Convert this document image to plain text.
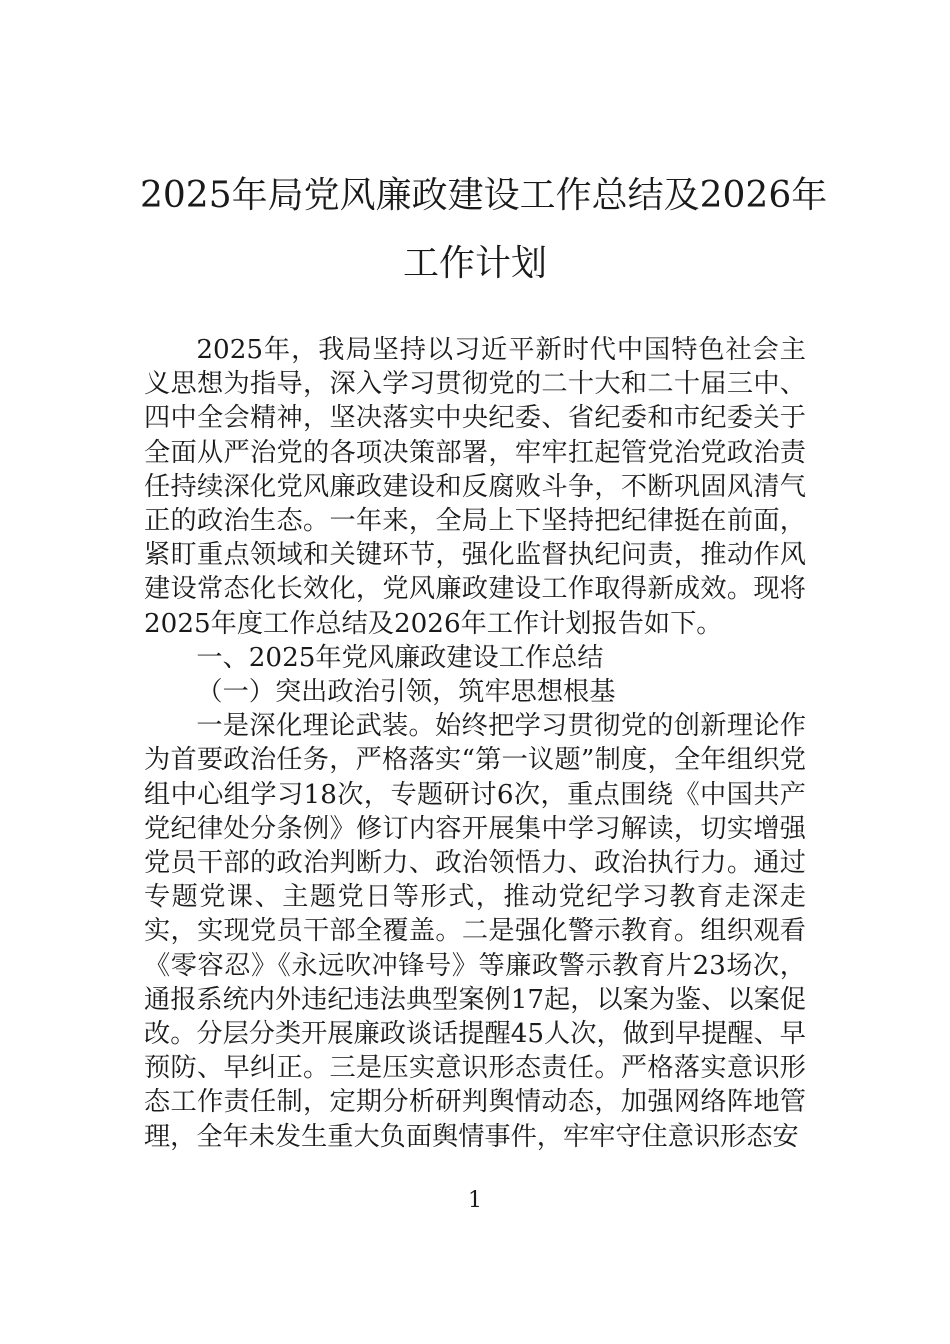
2025年局党风廉政建设工作总结及2026年
工作计划

2025年，我局坚持以习近平新时代中国特色社会主义思想为指导，深入学习贯彻党的二十大和二十届三中、四中全会精神，坚决落实中央纪委、省纪委和市纪委关于全面从严治党的各项决策部署，牢牢扛起管党治党政治责任持续深化党风廉政建设和反腐败斗争，不断巩固风清气正的政治生态。一年来，全局上下坚持把纪律挺在前面，紧盯重点领域和关键环节，强化监督执纪问责，推动作风建设常态化长效化，党风廉政建设工作取得新成效。现将2025年度工作总结及2026年工作计划报告如下。

一、2025年党风廉政建设工作总结

（一）突出政治引领，筑牢思想根基

一是深化理论武装。始终把学习贯彻党的创新理论作为首要政治任务，严格落实“第一议题”制度，全年组织党组中心组学习18次，专题研讨6次，重点围绕《中国共产党纪律处分条例》修订内容开展集中学习解读，切实增强党员干部的政治判断力、政治领悟力、政治执行力。通过专题党课、主题党日等形式，推动党纪学习教育走深走实，实现党员干部全覆盖。二是强化警示教育。组织观看《零容忍》《永远吹冲锋号》等廉政警示教育片23场次，通报系统内外违纪违法典型案例17起，以案为鉴、以案促改。分层分类开展廉政谈话提醒45人次，做到早提醒、早预防、早纠正。三是压实意识形态责任。严格落实意识形态工作责任制，定期分析研判舆情动态，加强网络阵地管理，全年未发生重大负面舆情事件，牢牢守住意识形态安

1
